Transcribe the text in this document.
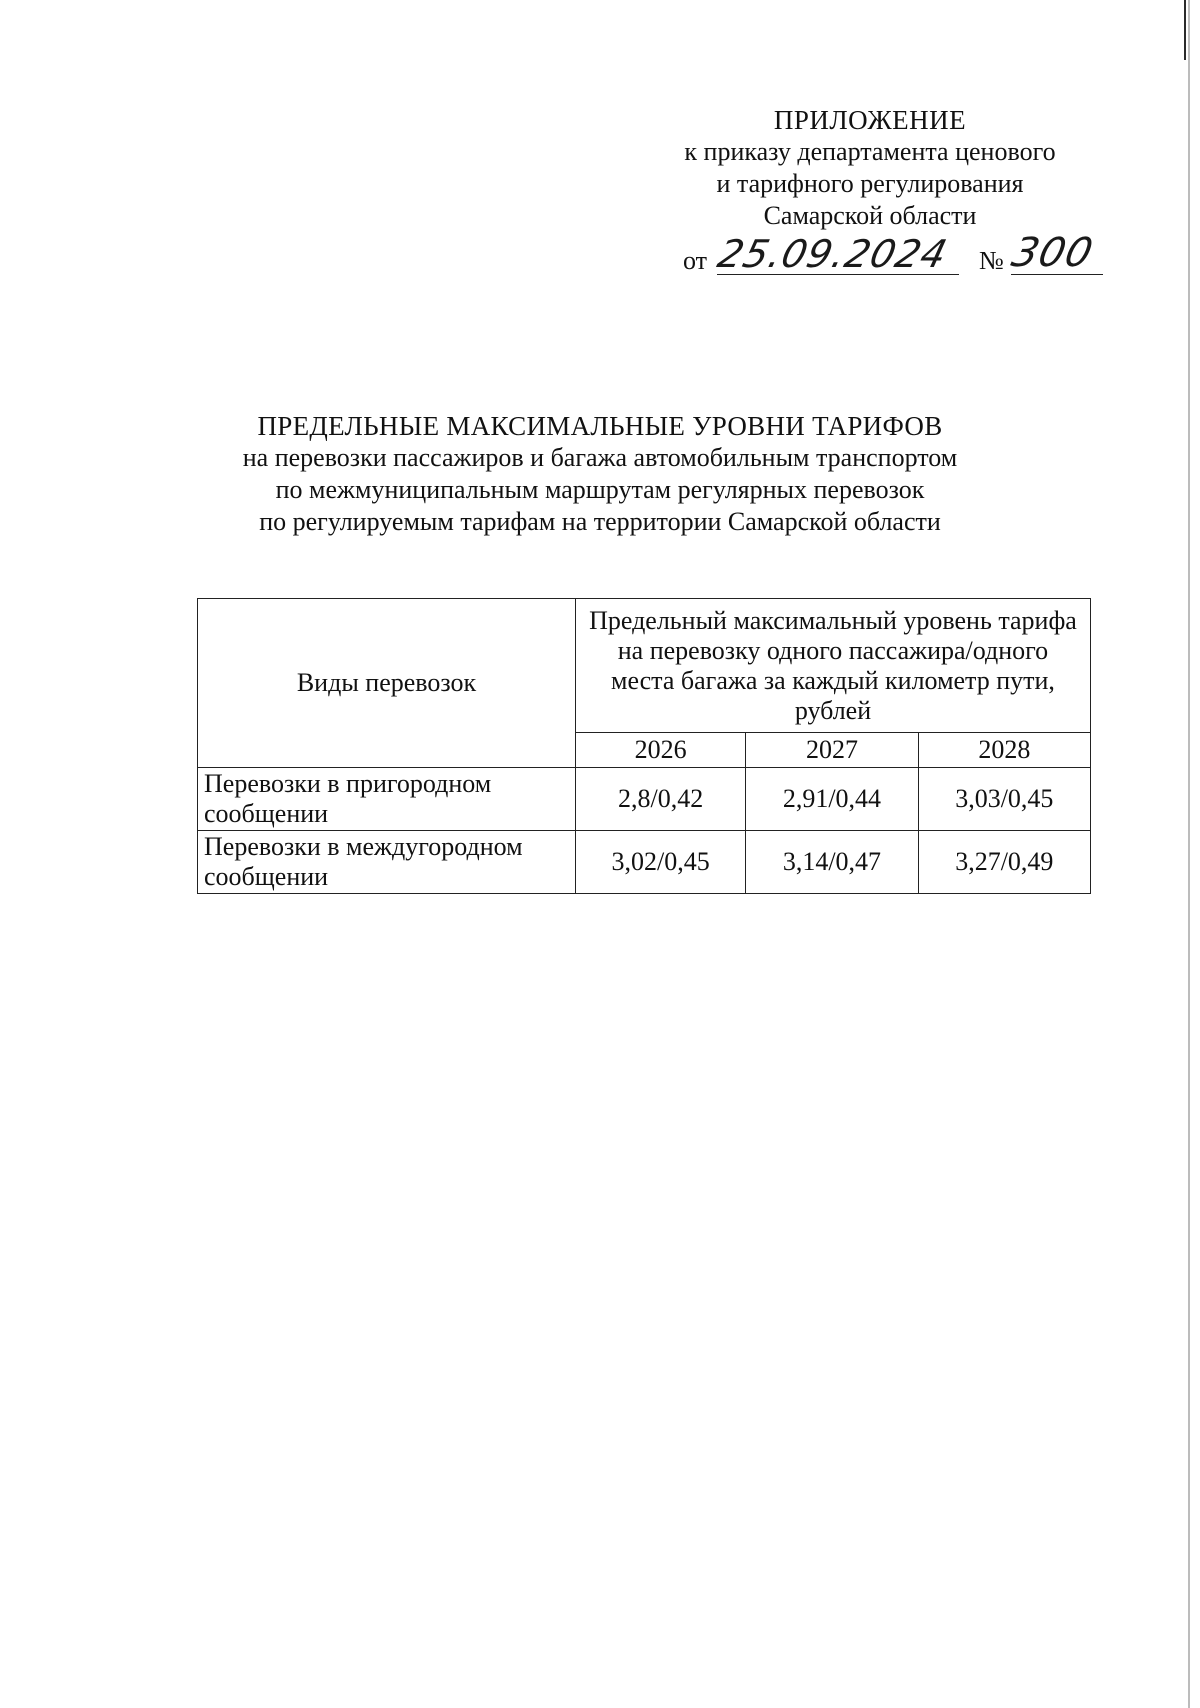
ПРИЛОЖЕНИЕ
к приказу департамента ценового
и тарифного регулирования
Самарской области
от 25.09.2024 № 300
ПРЕДЕЛЬНЫЕ МАКСИМАЛЬНЫЕ УРОВНИ ТАРИФОВ
на перевозки пассажиров и багажа автомобильным транспортом
по межмуниципальным маршрутам регулярных перевозок
по регулируемым тарифам на территории Самарской области
Виды перевозок	Предельный максимальный уровень тарифа на перевозку одного пассажира/одного места багажа за каждый километр пути, рублей		
	2026	2027	2028
Перевозки в пригородном сообщении	2,8/0,42	2,91/0,44	3,03/0,45
Перевозки в междугородном сообщении	3,02/0,45	3,14/0,47	3,27/0,49
